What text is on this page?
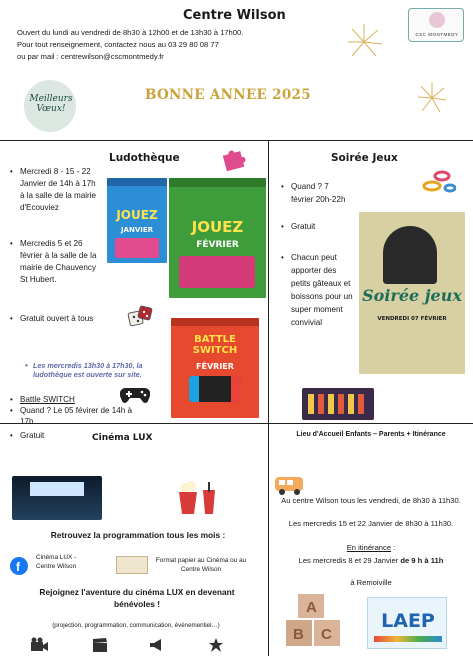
Centre Wilson
Ouvert du lundi au vendredi de 8h30 à 12h00 et de 13h30 à 17h00.
Pour tout renseignement, contactez nous au 03 29 80 08 77
ou par mail : centrewilson@cscmontmedy.fr
CSC MONTMEDY
Meilleurs Vœux!
BONNE ANNEE 2025
Ludothèque
• Mercredi 8 - 15 - 22 Janvier de 14h à 17h à la salle de la mairie d'Ecouviez
• Mercredis 5 et 26 février à la salle de la mairie de Chauvency St Hubert.
• Gratuit ouvert à tous
JOUEZ
JANVIER	JOUEZ
FÉVRIER
BATTLE SWITCH
FÉVRIER
• Les mercredis 13h30 à 17h30, la ludothèque est ouverte sur site.
• Battle SWITCH
• Quand ? Le 05 févirer de 14h à 17h
• Gratuit
Soirée Jeux
• Quand ? 7 février 20h-22h
• Gratuit
• Chacun peut apporter des petits gâteaux et boissons pour un super moment convivial
Soirée jeux
VENDREDI 07 FÉVRIER
Cinéma LUX
Retrouvez la programmation tous les mois :
f
Cinéma LUX - Centre Wilson
Format papier au Cinéma ou au Centre Wilson
Rejoignez l'aventure du cinéma LUX en devenant bénévoles !
(projection, programmation, communication, évènementiel…)
Lieu d'Accueil Enfants – Parents + Itinérance
Au centre Wilson tous les vendredi, de 8h30 à 11h30.
Les mercredis 15 et 22 Janvier de 8h30 à 11h30.
En itinérance :
Les mercredis 8 et 29 Janvier de 9 h à 11h
à Remoiville
A
B C
LAEP
